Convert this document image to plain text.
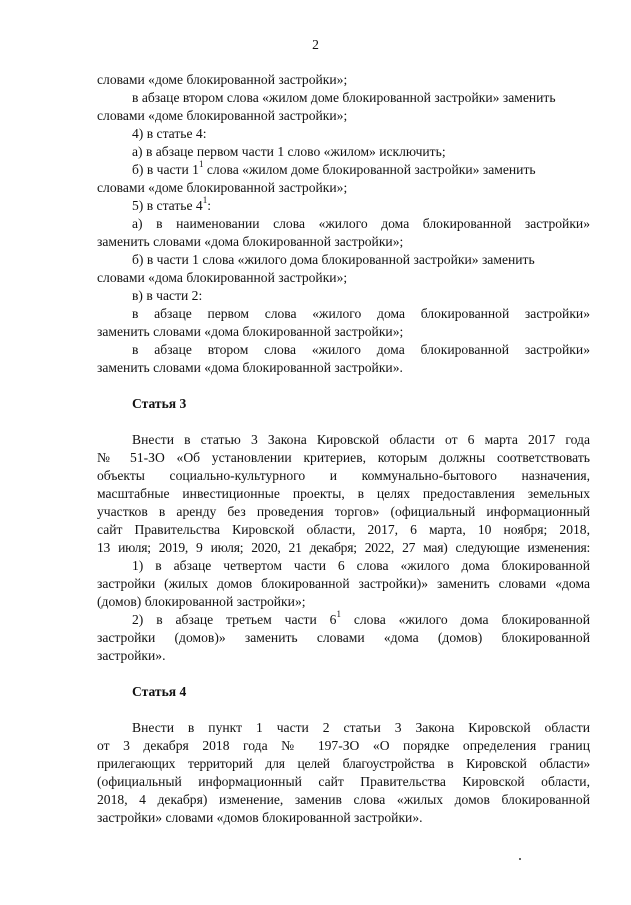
2
словами «доме блокированной застройки»;
в абзаце втором слова «жилом доме блокированной застройки» заменить
словами «доме блокированной застройки»;
4) в статье 4:
а) в абзаце первом части 1 слово «жилом» исключить;
б) в части $1^1$ слова «жилом доме блокированной застройки» заменить
словами «доме блокированной застройки»;
5) в статье $4^1$:
а) в наименовании слова «жилого дома блокированной застройки»
заменить словами «дома блокированной застройки»;
б) в части 1 слова «жилого дома блокированной застройки» заменить
словами «дома блокированной застройки»;
в) в части 2:
в абзаце первом слова «жилого дома блокированной застройки»
заменить словами «дома блокированной застройки»;
в абзаце втором слова «жилого дома блокированной застройки»
заменить словами «дома блокированной застройки».
Статья 3
Внести в статью 3 Закона Кировской области от 6 марта 2017 года
№ 51-ЗО «Об установлении критериев, которым должны соответствовать
объекты социально-культурного и коммунально-бытового назначения,
масштабные инвестиционные проекты, в целях предоставления земельных
участков в аренду без проведения торгов» (официальный информационный
сайт Правительства Кировской области, 2017, 6 марта, 10 ноября; 2018,
13 июля; 2019, 9 июля; 2020, 21 декабря; 2022, 27 мая) следующие изменения:
1) в абзаце четвертом части 6 слова «жилого дома блокированной
застройки (жилых домов блокированной застройки)» заменить словами «дома
(домов) блокированной застройки»;
2) в абзаце третьем части $6^1$ слова «жилого дома блокированной
застройки (домов)» заменить словами «дома (домов) блокированной
застройки».
Статья 4
Внести в пункт 1 части 2 статьи 3 Закона Кировской области
от 3 декабря 2018 года № 197-ЗО «О порядке определения границ
прилегающих территорий для целей благоустройства в Кировской области»
(официальный информационный сайт Правительства Кировской области,
2018, 4 декабря) изменение, заменив слова «жилых домов блокированной
застройки» словами «домов блокированной застройки».
